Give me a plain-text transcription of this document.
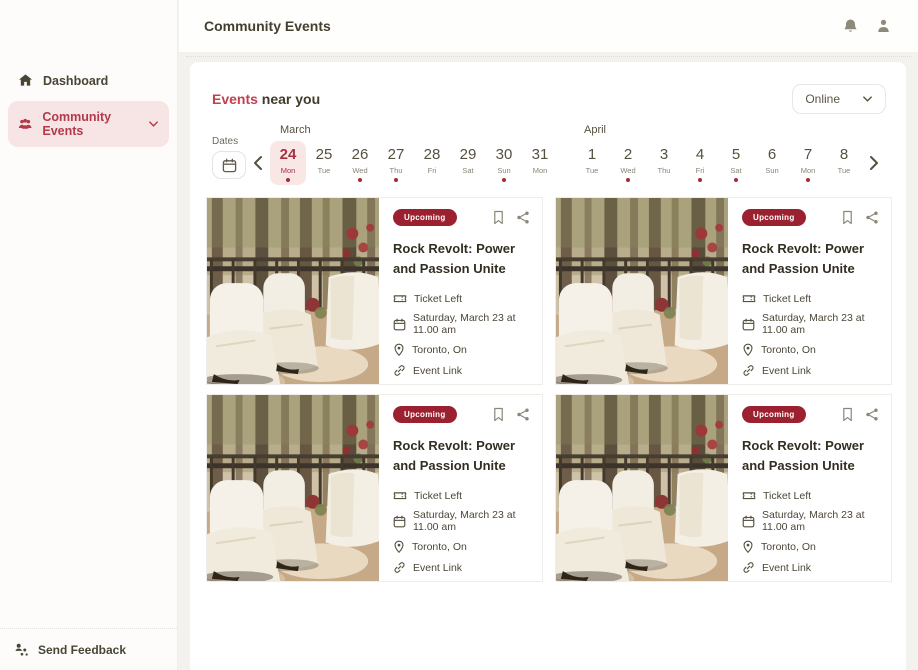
Dashboard
Community Events
Send Feedback
Community Events
Events near you	Online
Dates
March
24
Mon
25
Tue
26
Wed
27
Thu
28
Fri
29
Sat
30
Sun
31
Mon
April
1
Tue
2
Wed
3
Thu
4
Fri
5
Sat
6
Sun
7
Mon
8
Tue
Upcoming
Rock Revolt: Power and Passion Unite
Ticket Left
Saturday, March 23 at 11.00 am
Toronto, On
Event Link
Upcoming
Rock Revolt: Power and Passion Unite
Ticket Left
Saturday, March 23 at 11.00 am
Toronto, On
Event Link
Upcoming
Rock Revolt: Power and Passion Unite
Ticket Left
Saturday, March 23 at 11.00 am
Toronto, On
Event Link
Upcoming
Rock Revolt: Power and Passion Unite
Ticket Left
Saturday, March 23 at 11.00 am
Toronto, On
Event Link
